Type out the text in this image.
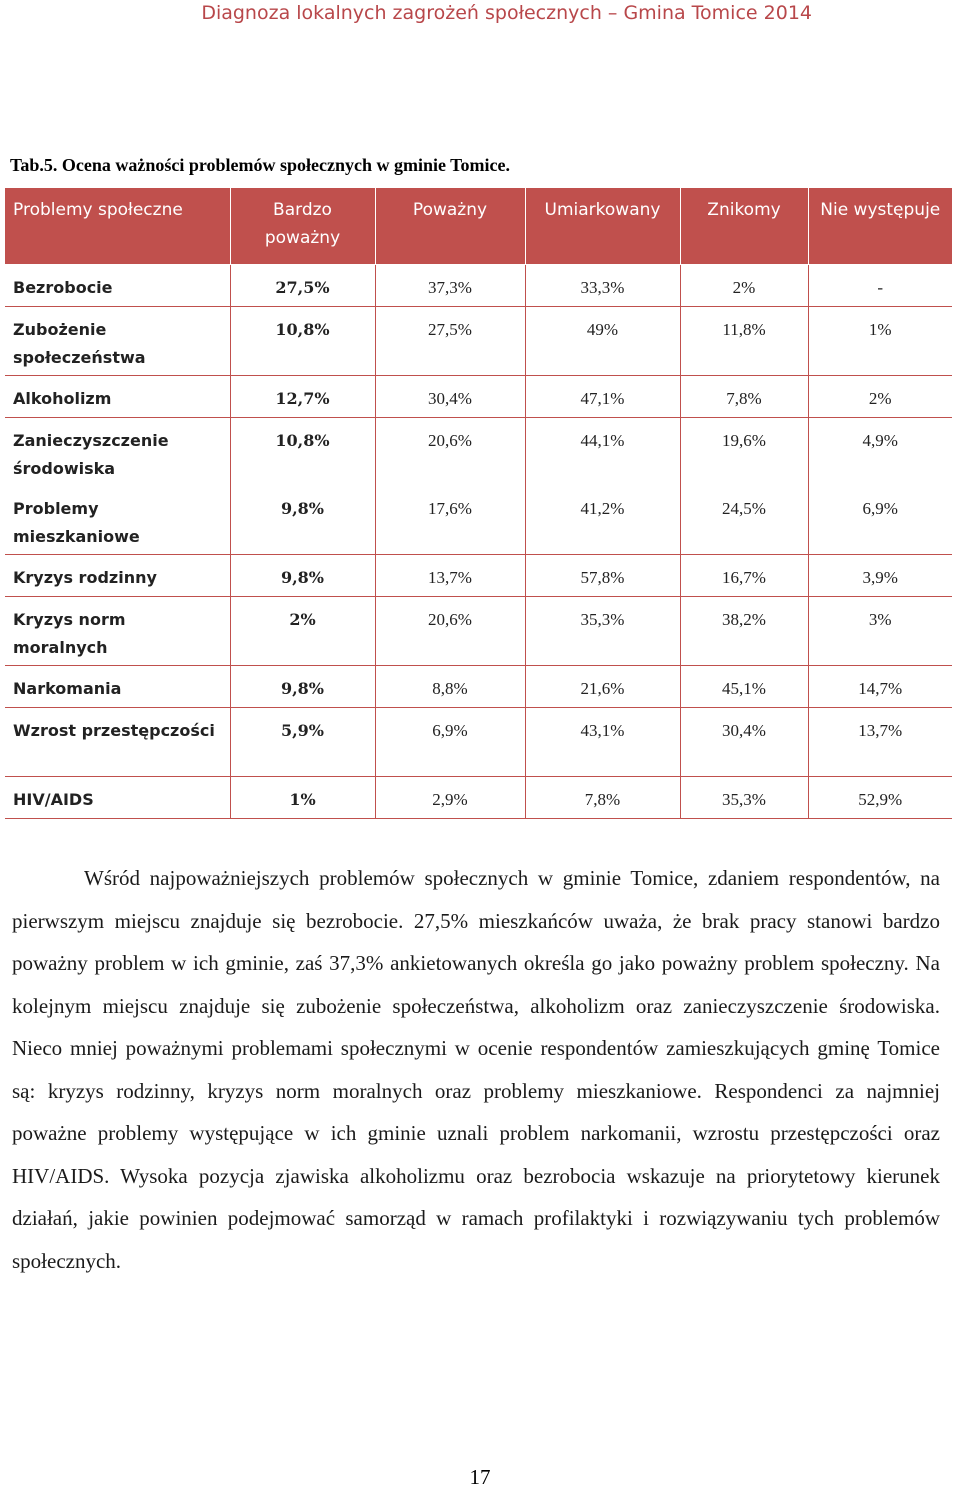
Diagnoza lokalnych zagrożeń społecznych – Gmina Tomice 2014
Tab.5. Ocena ważności problemów społecznych w gminie Tomice.
Problemy społeczne	Bardzo poważny	Poważny	Umiarkowany	Znikomy	Nie występuje
Bezrobocie	27,5%	37,3%	33,3%	2%	-
Zubożenie społeczeństwa	10,8%	27,5%	49%	11,8%	1%
Alkoholizm	12,7%	30,4%	47,1%	7,8%	2%
Zanieczyszczenie środowiska	10,8%	20,6%	44,1%	19,6%	4,9%
Problemy mieszkaniowe	9,8%	17,6%	41,2%	24,5%	6,9%
Kryzys rodzinny	9,8%	13,7%	57,8%	16,7%	3,9%
Kryzys norm moralnych	2%	20,6%	35,3%	38,2%	3%
Narkomania	9,8%	8,8%	21,6%	45,1%	14,7%
Wzrost przestępczości	5,9%	6,9%	43,1%	30,4%	13,7%
HIV/AIDS	1%	2,9%	7,8%	35,3%	52,9%

Wśród najpoważniejszych problemów społecznych w gminie Tomice, zdaniem respondentów, na pierwszym miejscu znajduje się bezrobocie. 27,5% mieszkańców uważa, że brak pracy stanowi bardzo poważny problem w ich gminie, zaś 37,3% ankietowanych określa go jako poważny problem społeczny. Na kolejnym miejscu znajduje się zubożenie społeczeństwa, alkoholizm oraz zanieczyszczenie środowiska. Nieco mniej poważnymi problemami społecznymi w ocenie respondentów zamieszkujących gminę Tomice są: kryzys rodzinny, kryzys norm moralnych oraz problemy mieszkaniowe. Respondenci za najmniej poważne problemy występujące w ich gminie uznali problem narkomanii, wzrostu przestępczości oraz HIV/AIDS. Wysoka pozycja zjawiska alkoholizmu oraz bezrobocia wskazuje na priorytetowy kierunek działań, jakie powinien podejmować samorząd w ramach profilaktyki i rozwiązywaniu tych problemów społecznych.

17
